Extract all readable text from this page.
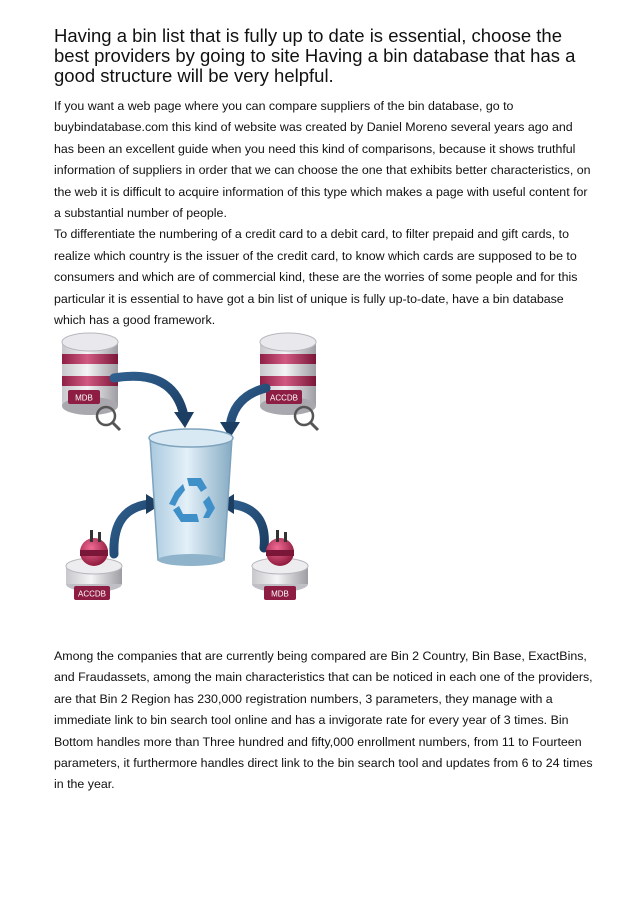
Having a bin list that is fully up to date is essential, choose the best providers by going to site Having a bin database that has a good structure will be very helpful.

If you want a web page where you can compare suppliers of the bin database, go to buybindatabase.com this kind of website was created by Daniel Moreno several years ago and has been an excellent guide when you need this kind of comparisons, because it shows truthful information of suppliers in order that we can choose the one that exhibits better characteristics, on the web it is difficult to acquire information of this type which makes a page with useful content for a substantial number of people.

To differentiate the numbering of a credit card to a debit card, to filter prepaid and gift cards, to realize which country is the issuer of the credit card, to know which cards are supposed to be to consumers and which are of commercial kind, these are the worries of some people and for this particular it is essential to have got a bin list of unique is fully up-to-date, have a bin database which has a good framework.

MDB	ACCDB
ACCDB	MDB

Among the companies that are currently being compared are Bin 2 Country, Bin Base, ExactBins, and Fraudassets, among the main characteristics that can be noticed in each one of the providers, are that Bin 2 Region has 230,000 registration numbers, 3 parameters, they manage with a immediate link to bin search tool online and has a invigorate rate for every year of 3 times. Bin Bottom handles more than Three hundred and fifty,000 enrollment numbers, from 11 to Fourteen parameters, it furthermore handles direct link to the bin search tool and updates from 6 to 24 times in the year.
